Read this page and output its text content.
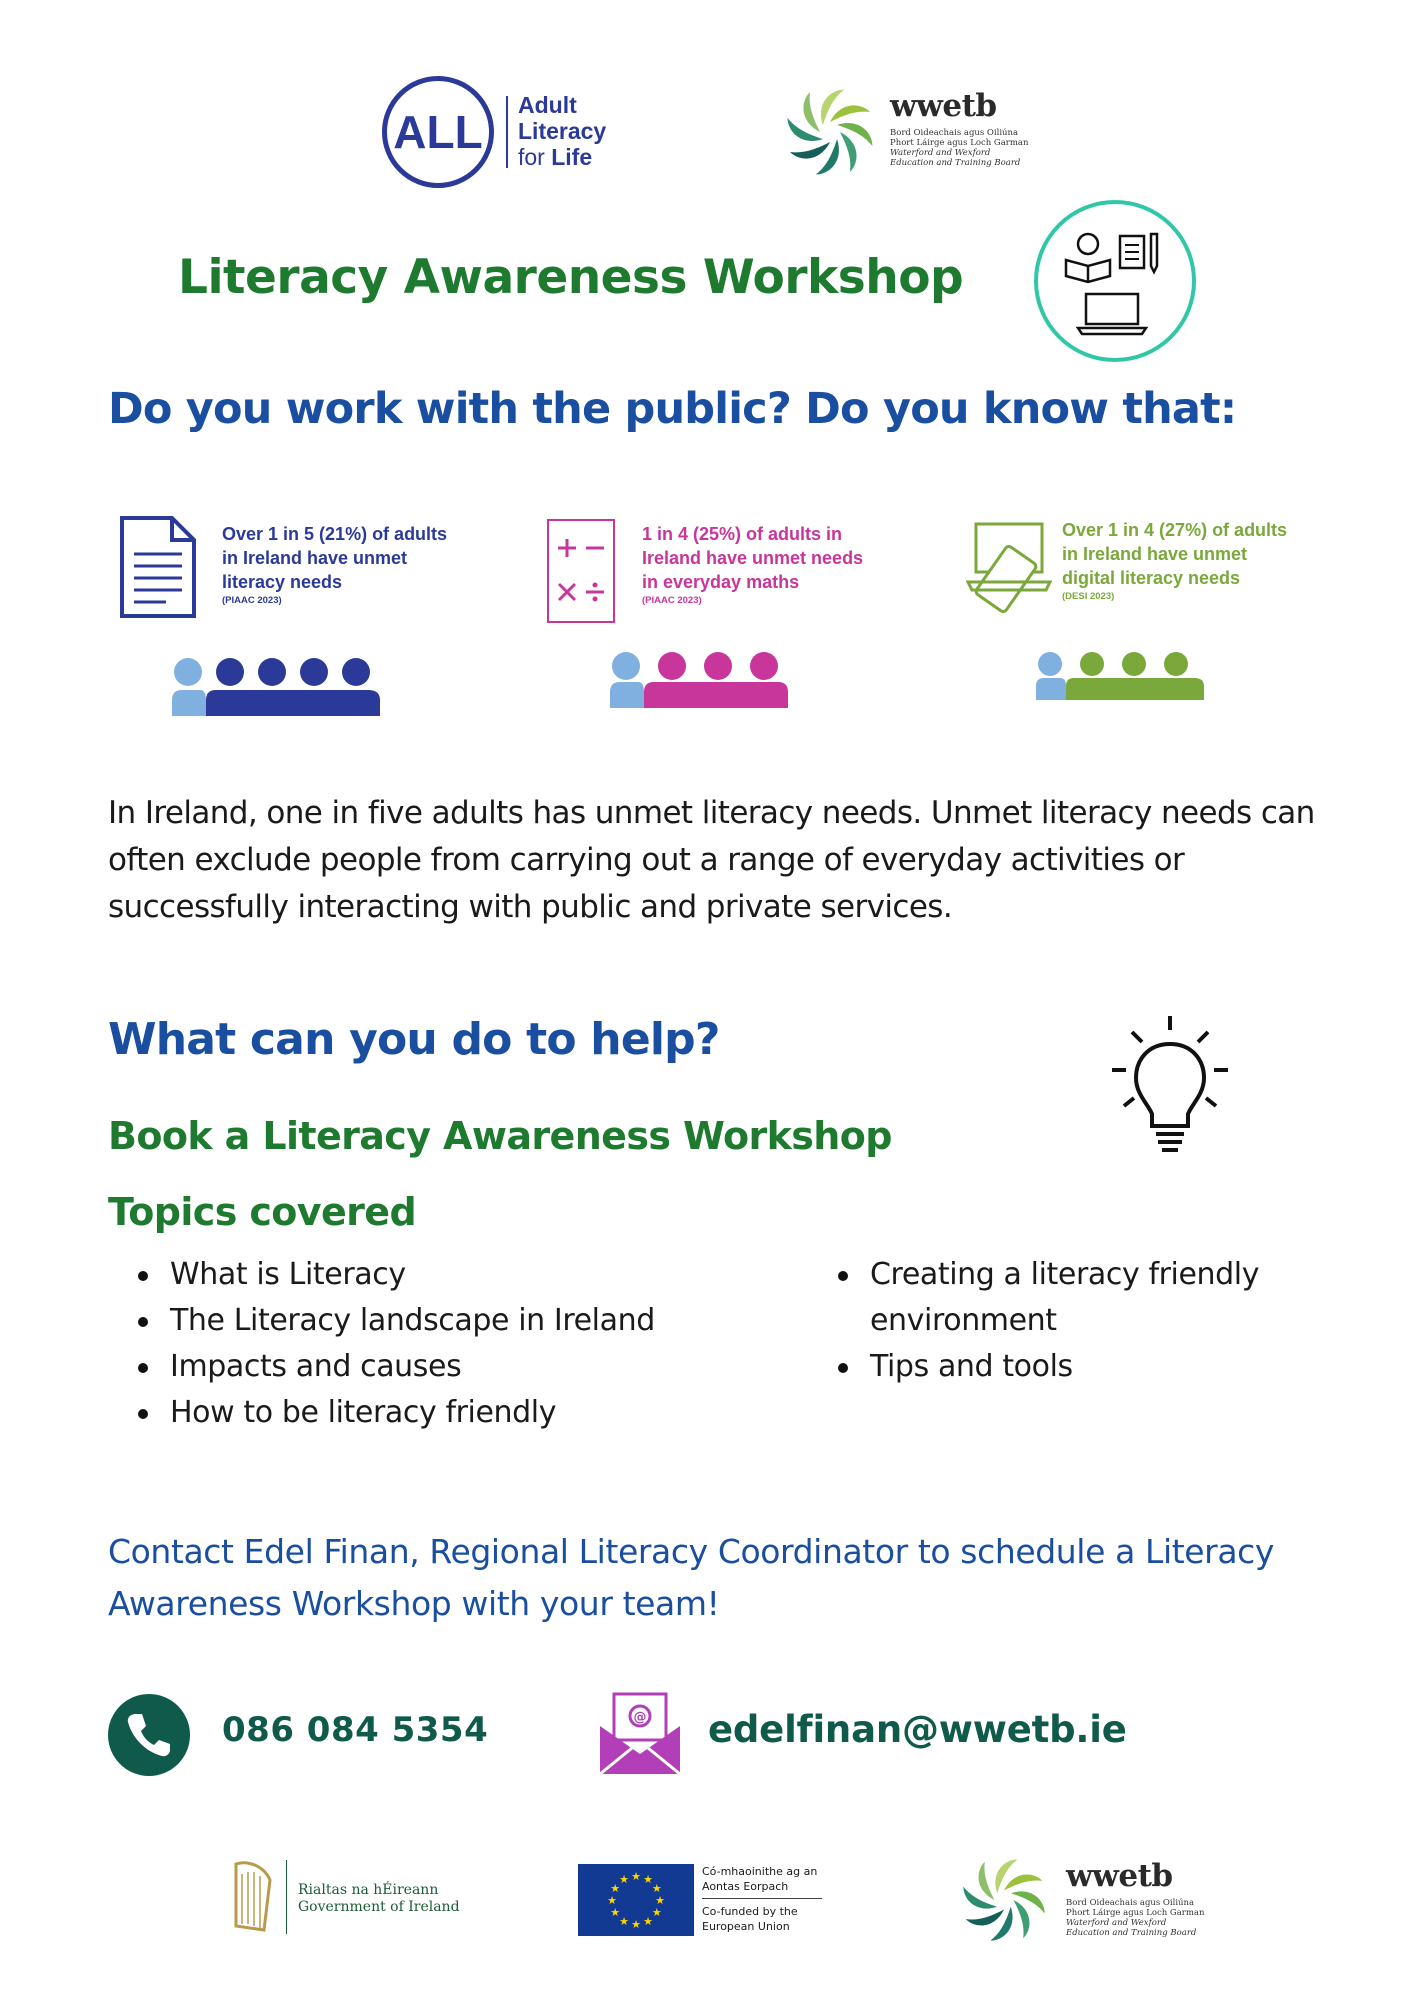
ALL
Adult
Literacy
for Life
wwetb
Bord Oideachais agus Oiliúna
Phort Láirge agus Loch Garman
Waterford and Wexford
Education and Training Board
Literacy Awareness Workshop
Do you work with the public? Do you know that:
Over 1 in 5 (21%) of adults
in Ireland have unmet
literacy needs
(PIAAC 2023)
1 in 4 (25%) of adults in
Ireland have unmet needs
in everyday maths
(PIAAC 2023)
Over 1 in 4 (27%) of adults
in Ireland have unmet
digital literacy needs
(DESI 2023)
In Ireland, one in five adults has unmet literacy needs. Unmet literacy needs can often exclude people from carrying out a range of everyday activities or successfully interacting with public and private services.
What can you do to help?
Book a Literacy Awareness Workshop
Topics covered
What is Literacy
The Literacy landscape in Ireland
Impacts and causes
How to be literacy friendly
Creating a literacy friendly environment
Tips and tools
Contact Edel Finan, Regional Literacy Coordinator to schedule a Literacy Awareness Workshop with your team!
086 084 5354	@ edelfinan@wwetb.ie
Rialtas na hÉireann
Government of Ireland	★
★
★
★
★
★
★
★
★ ★ ★
★
Có-mhaoinithe ag an
Aontas Eorpach
Co-funded by the
European Union
wwetb
Bord Oideachais agus Oiliúna
Phort Láirge agus Loch Garman
Waterford and Wexford
Education and Training Board
